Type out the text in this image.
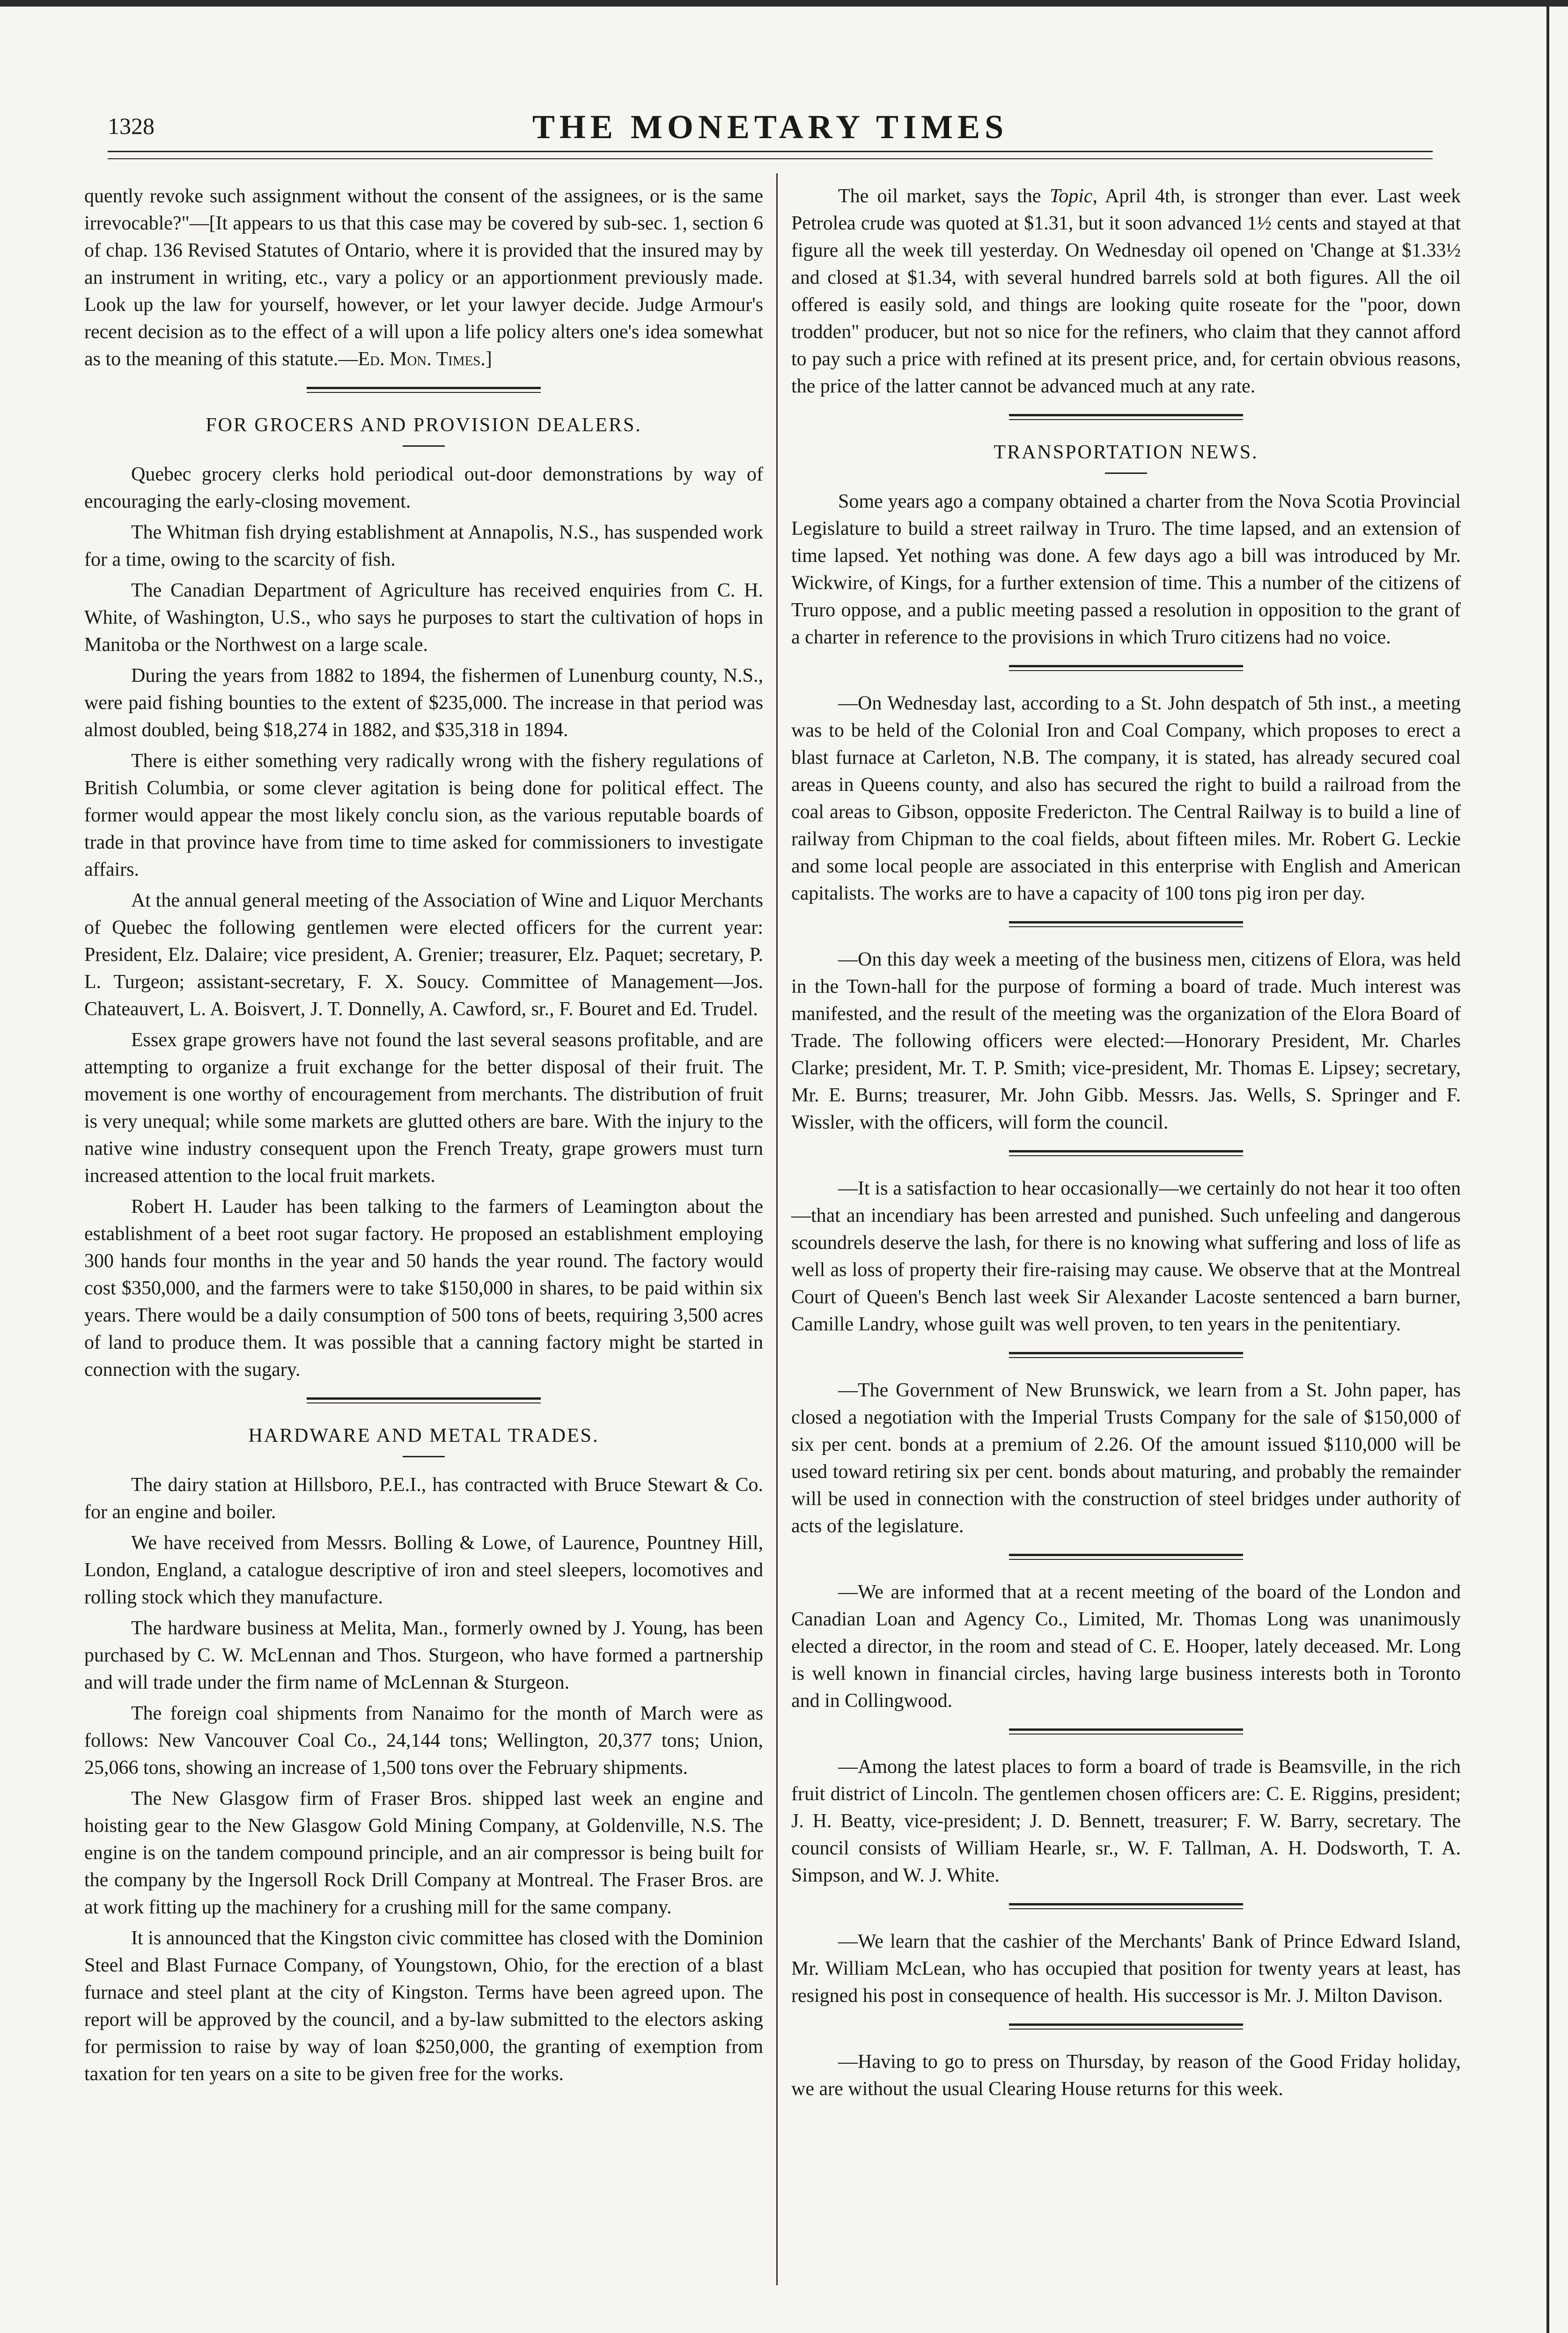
1328	THE MONETARY TIMES

quently revoke such assignment without the consent of the assignees, or is the same irrevocable?"—[It appears to us that this case may be covered by sub-sec. 1, section 6 of chap. 136 Revised Statutes of Ontario, where it is provided that the insured may by an instrument in writing, etc., vary a policy or an apportionment previously made. Look up the law for yourself, however, or let your lawyer decide. Judge Armour's recent decision as to the effect of a will upon a life policy alters one's idea somewhat as to the meaning of this statute.—Ed. Mon. Times.]

FOR GROCERS AND PROVISION DEALERS.

Quebec grocery clerks hold periodical out-door demonstrations by way of encouraging the early-closing movement.

The Whitman fish drying establishment at Annapolis, N.S., has suspended work for a time, owing to the scarcity of fish.

The Canadian Department of Agriculture has received enquiries from C. H. White, of Washington, U.S., who says he purposes to start the cultivation of hops in Manitoba or the Northwest on a large scale.

During the years from 1882 to 1894, the fishermen of Lunenburg county, N.S., were paid fishing bounties to the extent of $235,000. The increase in that period was almost doubled, being $18,274 in 1882, and $35,318 in 1894.

There is either something very radically wrong with the fishery regulations of British Columbia, or some clever agitation is being done for political effect. The former would appear the most likely conclu sion, as the various reputable boards of trade in that province have from time to time asked for commissioners to investigate affairs.

At the annual general meeting of the Association of Wine and Liquor Merchants of Quebec the following gentlemen were elected officers for the current year: President, Elz. Dalaire; vice president, A. Grenier; treasurer, Elz. Paquet; secretary, P. L. Turgeon; assistant-secretary, F. X. Soucy. Committee of Management—Jos. Chateauvert, L. A. Boisvert, J. T. Donnelly, A. Cawford, sr., F. Bouret and Ed. Trudel.

Essex grape growers have not found the last several seasons profitable, and are attempting to organize a fruit exchange for the better disposal of their fruit. The movement is one worthy of encouragement from merchants. The distribution of fruit is very unequal; while some markets are glutted others are bare. With the injury to the native wine industry consequent upon the French Treaty, grape growers must turn increased attention to the local fruit markets.

Robert H. Lauder has been talking to the farmers of Leamington about the establishment of a beet root sugar factory. He proposed an establishment employing 300 hands four months in the year and 50 hands the year round. The factory would cost $350,000, and the farmers were to take $150,000 in shares, to be paid within six years. There would be a daily consumption of 500 tons of beets, requiring 3,500 acres of land to produce them. It was possible that a canning factory might be started in connection with the sugary.

HARDWARE AND METAL TRADES.

The dairy station at Hillsboro, P.E.I., has contracted with Bruce Stewart & Co. for an engine and boiler.

We have received from Messrs. Bolling & Lowe, of Laurence, Pountney Hill, London, England, a catalogue descriptive of iron and steel sleepers, locomotives and rolling stock which they manufacture.

The hardware business at Melita, Man., formerly owned by J. Young, has been purchased by C. W. McLennan and Thos. Sturgeon, who have formed a partnership and will trade under the firm name of McLennan & Sturgeon.

The foreign coal shipments from Nanaimo for the month of March were as follows: New Vancouver Coal Co., 24,144 tons; Wellington, 20,377 tons; Union, 25,066 tons, showing an increase of 1,500 tons over the February shipments.

The New Glasgow firm of Fraser Bros. shipped last week an engine and hoisting gear to the New Glasgow Gold Mining Company, at Goldenville, N.S. The engine is on the tandem compound principle, and an air compressor is being built for the company by the Ingersoll Rock Drill Company at Montreal. The Fraser Bros. are at work fitting up the machinery for a crushing mill for the same company.

It is announced that the Kingston civic committee has closed with the Dominion Steel and Blast Furnace Company, of Youngstown, Ohio, for the erection of a blast furnace and steel plant at the city of Kingston. Terms have been agreed upon. The report will be approved by the council, and a by-law submitted to the electors asking for permission to raise by way of loan $250,000, the granting of exemption from taxation for ten years on a site to be given free for the works.

The oil market, says the Topic, April 4th, is stronger than ever. Last week Petrolea crude was quoted at $1.31, but it soon advanced 1½ cents and stayed at that figure all the week till yesterday. On Wednesday oil opened on 'Change at $1.33½ and closed at $1.34, with several hundred barrels sold at both figures. All the oil offered is easily sold, and things are looking quite roseate for the "poor, down trodden" producer, but not so nice for the refiners, who claim that they cannot afford to pay such a price with refined at its present price, and, for certain obvious reasons, the price of the latter cannot be advanced much at any rate.

TRANSPORTATION NEWS.

Some years ago a company obtained a charter from the Nova Scotia Provincial Legislature to build a street railway in Truro. The time lapsed, and an extension of time lapsed. Yet nothing was done. A few days ago a bill was introduced by Mr. Wickwire, of Kings, for a further extension of time. This a number of the citizens of Truro oppose, and a public meeting passed a resolution in opposition to the grant of a charter in reference to the provisions in which Truro citizens had no voice.

—On Wednesday last, according to a St. John despatch of 5th inst., a meeting was to be held of the Colonial Iron and Coal Company, which proposes to erect a blast furnace at Carleton, N.B. The company, it is stated, has already secured coal areas in Queens county, and also has secured the right to build a railroad from the coal areas to Gibson, opposite Fredericton. The Central Railway is to build a line of railway from Chipman to the coal fields, about fifteen miles. Mr. Robert G. Leckie and some local people are associated in this enterprise with English and American capitalists. The works are to have a capacity of 100 tons pig iron per day.

—On this day week a meeting of the business men, citizens of Elora, was held in the Town-hall for the purpose of forming a board of trade. Much interest was manifested, and the result of the meeting was the organization of the Elora Board of Trade. The following officers were elected:—Honorary President, Mr. Charles Clarke; president, Mr. T. P. Smith; vice-president, Mr. Thomas E. Lipsey; secretary, Mr. E. Burns; treasurer, Mr. John Gibb. Messrs. Jas. Wells, S. Springer and F. Wissler, with the officers, will form the council.

—It is a satisfaction to hear occasionally—we certainly do not hear it too often—that an incendiary has been arrested and punished. Such unfeeling and dangerous scoundrels deserve the lash, for there is no knowing what suffering and loss of life as well as loss of property their fire-raising may cause. We observe that at the Montreal Court of Queen's Bench last week Sir Alexander Lacoste sentenced a barn burner, Camille Landry, whose guilt was well proven, to ten years in the penitentiary.

—The Government of New Brunswick, we learn from a St. John paper, has closed a negotiation with the Imperial Trusts Company for the sale of $150,000 of six per cent. bonds at a premium of 2.26. Of the amount issued $110,000 will be used toward retiring six per cent. bonds about maturing, and probably the remainder will be used in connection with the construction of steel bridges under authority of acts of the legislature.

—We are informed that at a recent meeting of the board of the London and Canadian Loan and Agency Co., Limited, Mr. Thomas Long was unanimously elected a director, in the room and stead of C. E. Hooper, lately deceased. Mr. Long is well known in financial circles, having large business interests both in Toronto and in Collingwood.

—Among the latest places to form a board of trade is Beamsville, in the rich fruit district of Lincoln. The gentlemen chosen officers are: C. E. Riggins, president; J. H. Beatty, vice-president; J. D. Bennett, treasurer; F. W. Barry, secretary. The council consists of William Hearle, sr., W. F. Tallman, A. H. Dodsworth, T. A. Simpson, and W. J. White.

—We learn that the cashier of the Merchants' Bank of Prince Edward Island, Mr. William McLean, who has occupied that position for twenty years at least, has resigned his post in consequence of health. His successor is Mr. J. Milton Davison.

—Having to go to press on Thursday, by reason of the Good Friday holiday, we are without the usual Clearing House returns for this week.
